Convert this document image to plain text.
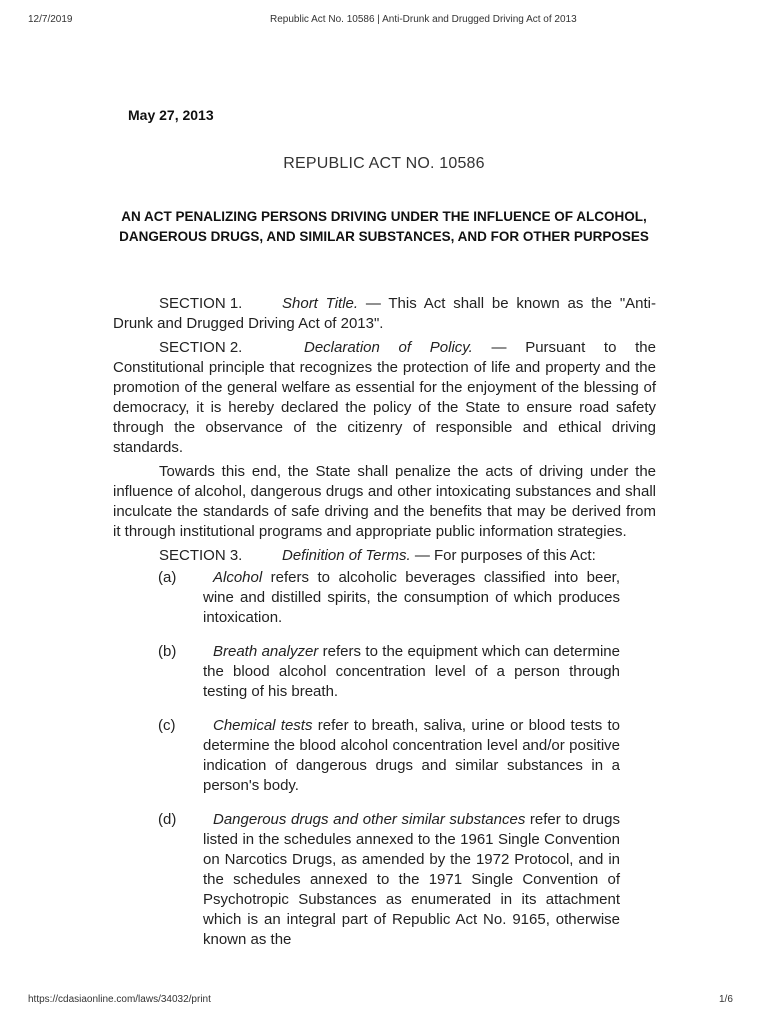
12/7/2019	Republic Act No. 10586 | Anti-Drunk and Drugged Driving Act of 2013
May 27, 2013
REPUBLIC ACT NO. 10586
AN ACT PENALIZING PERSONS DRIVING UNDER THE INFLUENCE OF ALCOHOL, DANGEROUS DRUGS, AND SIMILAR SUBSTANCES, AND FOR OTHER PURPOSES

SECTION 1.	Short Title. — This Act shall be known as the "Anti-Drunk and Drugged Driving Act of 2013".

SECTION 2.	Declaration of Policy. — Pursuant to the Constitutional principle that recognizes the protection of life and property and the promotion of the general welfare as essential for the enjoyment of the blessing of democracy, it is hereby declared the policy of the State to ensure road safety through the observance of the citizenry of responsible and ethical driving standards.

Towards this end, the State shall penalize the acts of driving under the influence of alcohol, dangerous drugs and other intoxicating substances and shall inculcate the standards of safe driving and the benefits that may be derived from it through institutional programs and appropriate public information strategies.

SECTION 3.	Definition of Terms. — For purposes of this Act:

(a) Alcohol refers to alcoholic beverages classified into beer, wine and distilled spirits, the consumption of which produces intoxication.
(b) Breath analyzer refers to the equipment which can determine the blood alcohol concentration level of a person through testing of his breath.
(c)	Chemical tests refer to breath, saliva, urine or blood tests to determine the blood alcohol concentration level and/or positive indication of dangerous drugs and similar substances in a person's body.
(d) Dangerous drugs and other similar substances refer to drugs listed in the schedules annexed to the 1961 Single Convention on Narcotics Drugs, as amended by the 1972 Protocol, and in the schedules annexed to the 1971 Single Convention of Psychotropic Substances as enumerated in its attachment which is an integral part of Republic Act No. 9165, otherwise known as the
https://cdasiaonline.com/laws/34032/print	1/6
